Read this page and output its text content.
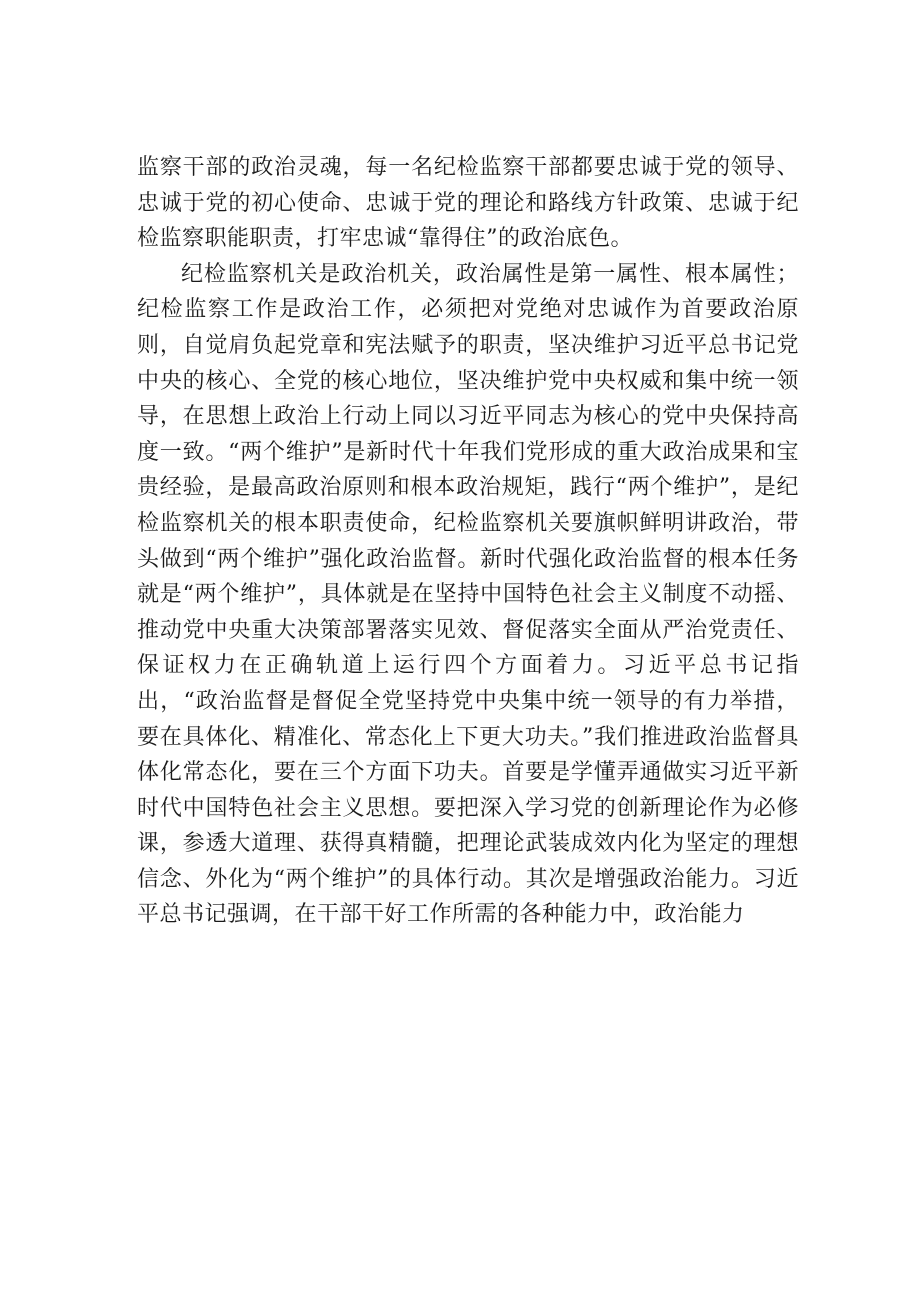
监察干部的政治灵魂，每一名纪检监察干部都要忠诚于党的领导、忠诚于党的初心使命、忠诚于党的理论和路线方针政策、忠诚于纪检监察职能职责，打牢忠诚“靠得住”的政治底色。

纪检监察机关是政治机关，政治属性是第一属性、根本属性；纪检监察工作是政治工作，必须把对党绝对忠诚作为首要政治原则，自觉肩负起党章和宪法赋予的职责，坚决维护习近平总书记党中央的核心、全党的核心地位，坚决维护党中央权威和集中统一领导，在思想上政治上行动上同以习近平同志为核心的党中央保持高度一致。“两个维护”是新时代十年我们党形成的重大政治成果和宝贵经验，是最高政治原则和根本政治规矩，践行“两个维护”，是纪检监察机关的根本职责使命，纪检监察机关要旗帜鲜明讲政治，带头做到“两个维护”强化政治监督。新时代强化政治监督的根本任务就是“两个维护”，具体就是在坚持中国特色社会主义制度不动摇、推动党中央重大决策部署落实见效、督促落实全面从严治党责任、保证权力在正确轨道上运行四个方面着力。习近平总书记指出，“政治监督是督促全党坚持党中央集中统一领导的有力举措，要在具体化、精准化、常态化上下更大功夫。”我们推进政治监督具体化常态化，要在三个方面下功夫。首要是学懂弄通做实习近平新时代中国特色社会主义思想。要把深入学习党的创新理论作为必修课，参透大道理、获得真精髓，把理论武装成效内化为坚定的理想信念、外化为“两个维护”的具体行动。其次是增强政治能力。习近平总书记强调，在干部干好工作所需的各种能力中，政治能力
